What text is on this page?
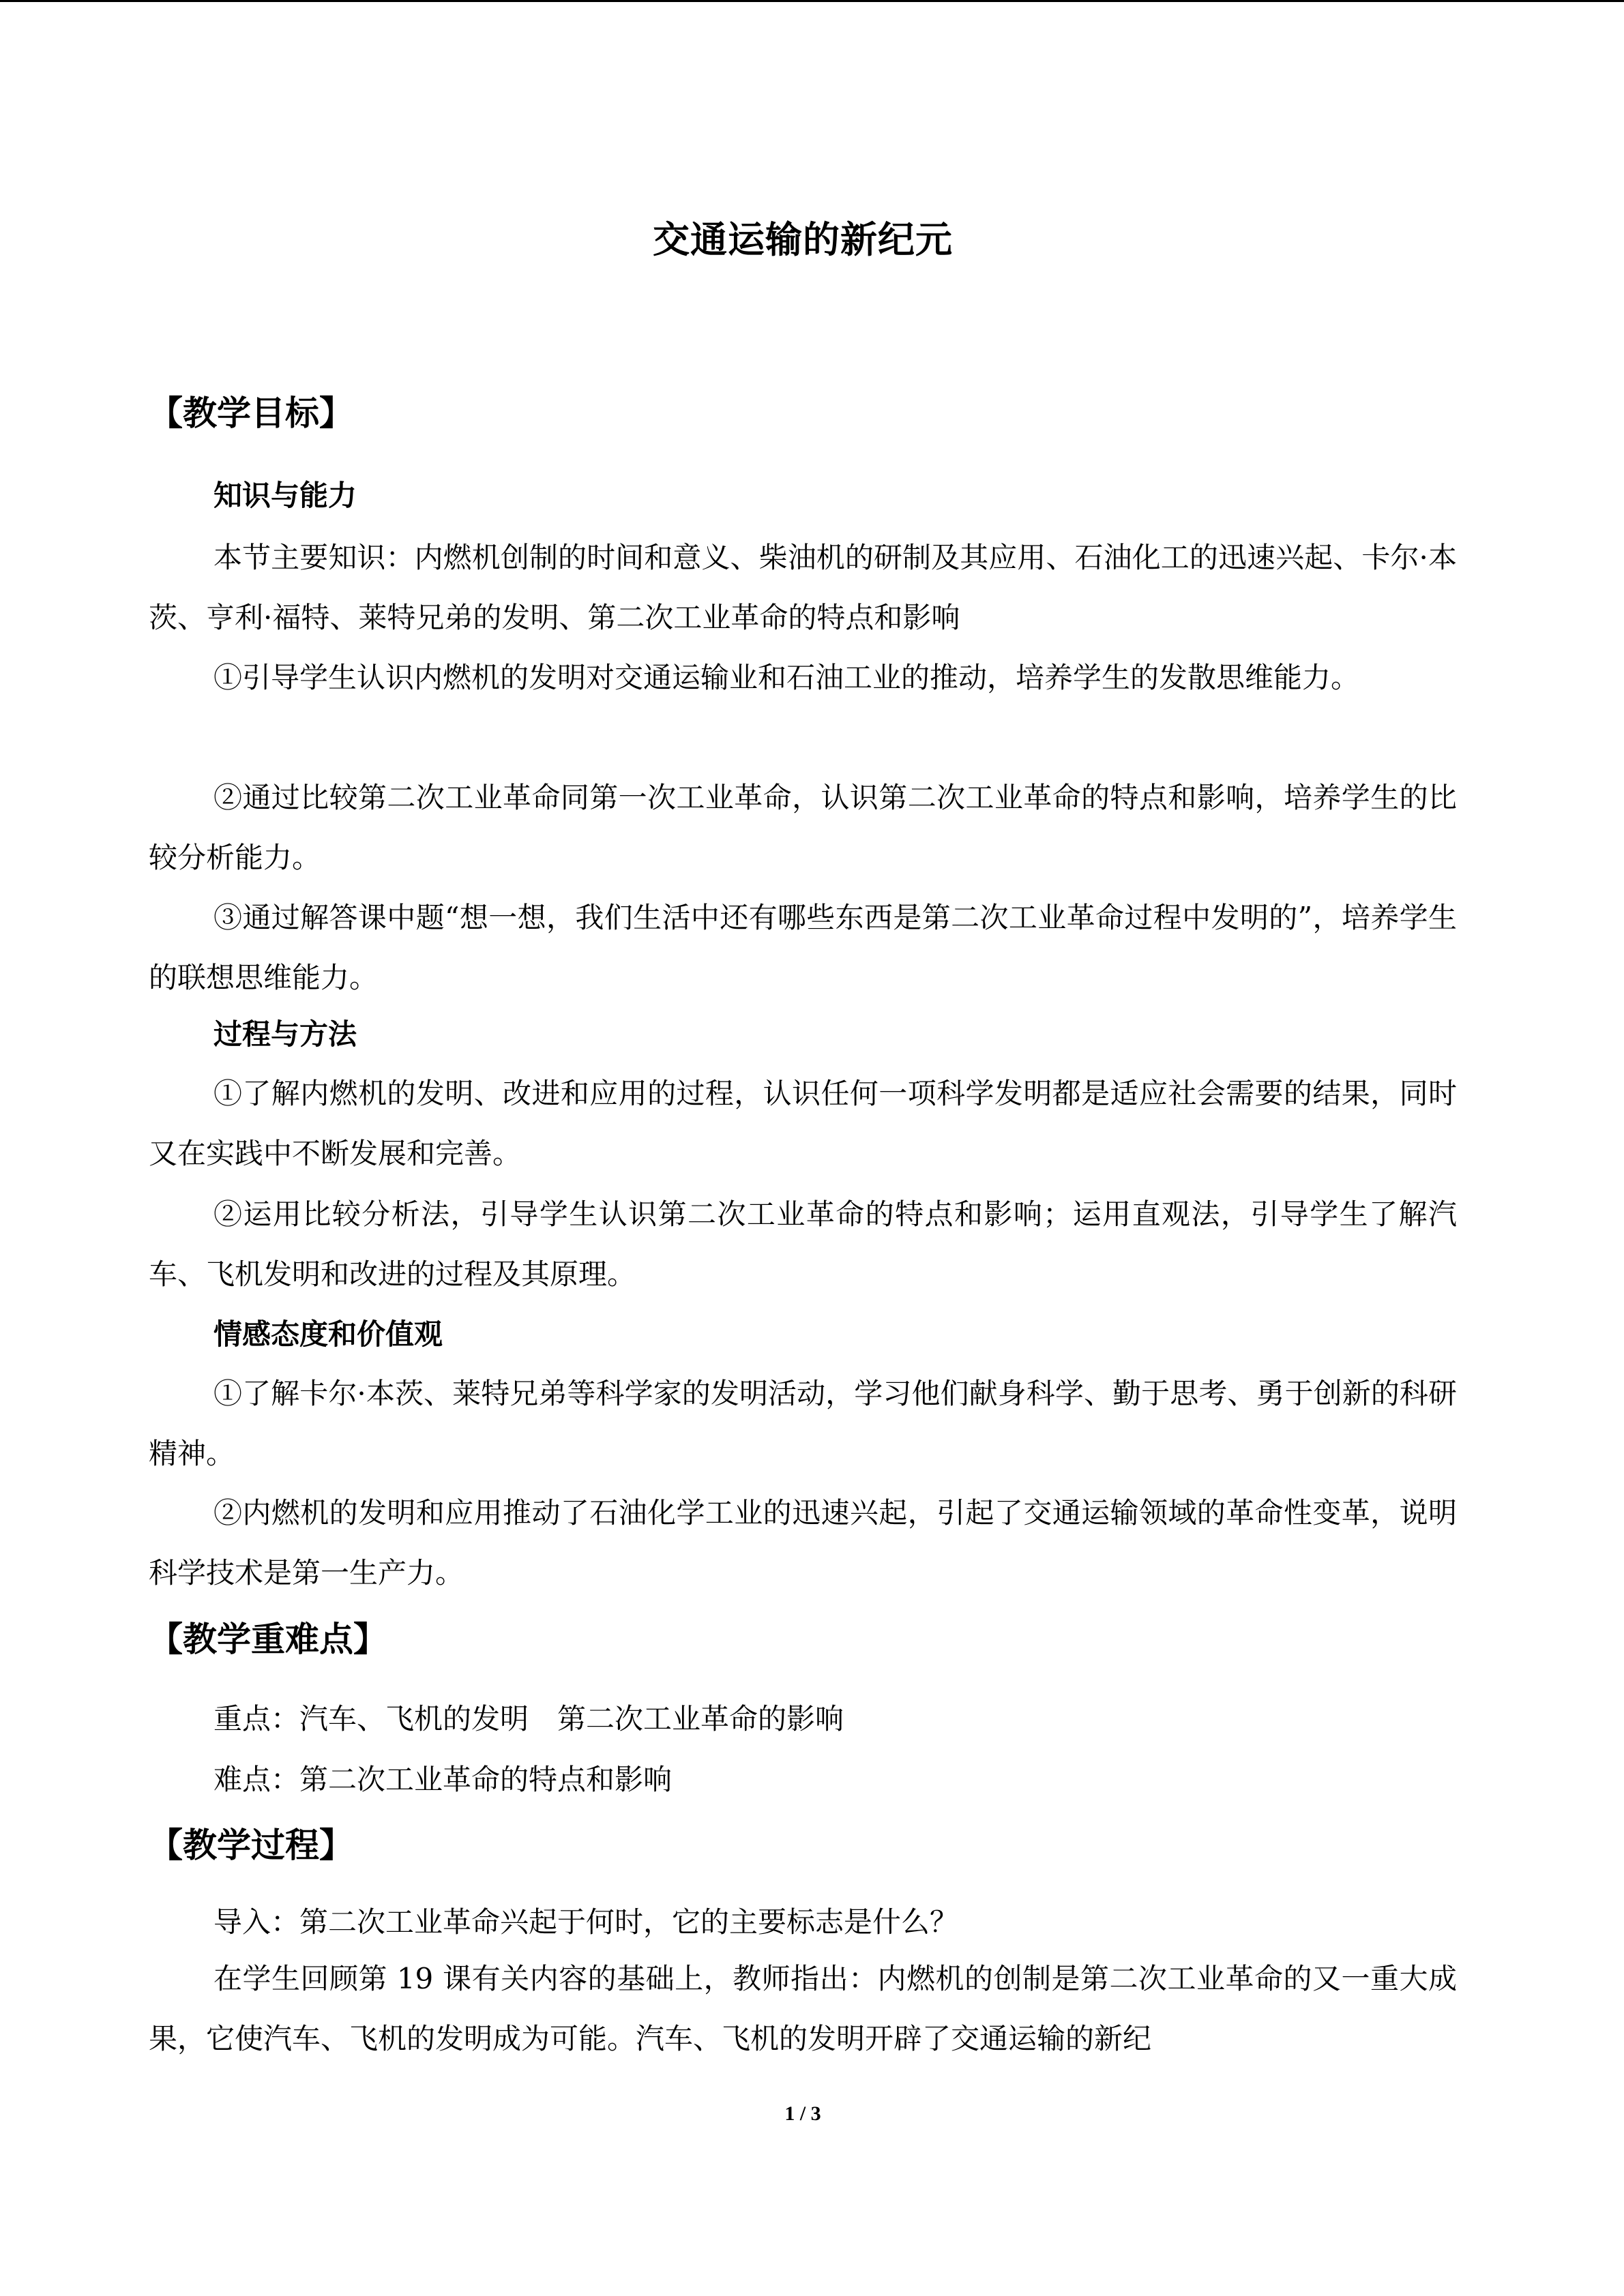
交通运输的新纪元
【教学目标】
知识与能力

本节主要知识：内燃机创制的时间和意义、柴油机的研制及其应用、石油化工的迅速兴起、卡尔·本茨、亨利·福特、莱特兄弟的发明、第二次工业革命的特点和影响

①引导学生认识内燃机的发明对交通运输业和石油工业的推动，培养学生的发散思维能力。

②通过比较第二次工业革命同第一次工业革命，认识第二次工业革命的特点和影响，培养学生的比较分析能力。

③通过解答课中题“想一想，我们生活中还有哪些东西是第二次工业革命过程中发明的”，培养学生的联想思维能力。

过程与方法

①了解内燃机的发明、改进和应用的过程，认识任何一项科学发明都是适应社会需要的结果，同时又在实践中不断发展和完善。

②运用比较分析法，引导学生认识第二次工业革命的特点和影响；运用直观法，引导学生了解汽车、飞机发明和改进的过程及其原理。

情感态度和价值观

①了解卡尔·本茨、莱特兄弟等科学家的发明活动，学习他们献身科学、勤于思考、勇于创新的科研精神。

②内燃机的发明和应用推动了石油化学工业的迅速兴起，引起了交通运输领域的革命性变革，说明科学技术是第一生产力。

【教学重难点】
重点：汽车、飞机的发明　第二次工业革命的影响
难点：第二次工业革命的特点和影响
【教学过程】
导入：第二次工业革命兴起于何时，它的主要标志是什么？

在学生回顾第 19 课有关内容的基础上，教师指出：内燃机的创制是第二次工业革命的又一重大成果，它使汽车、飞机的发明成为可能。汽车、飞机的发明开辟了交通运输的新纪

1 / 3
